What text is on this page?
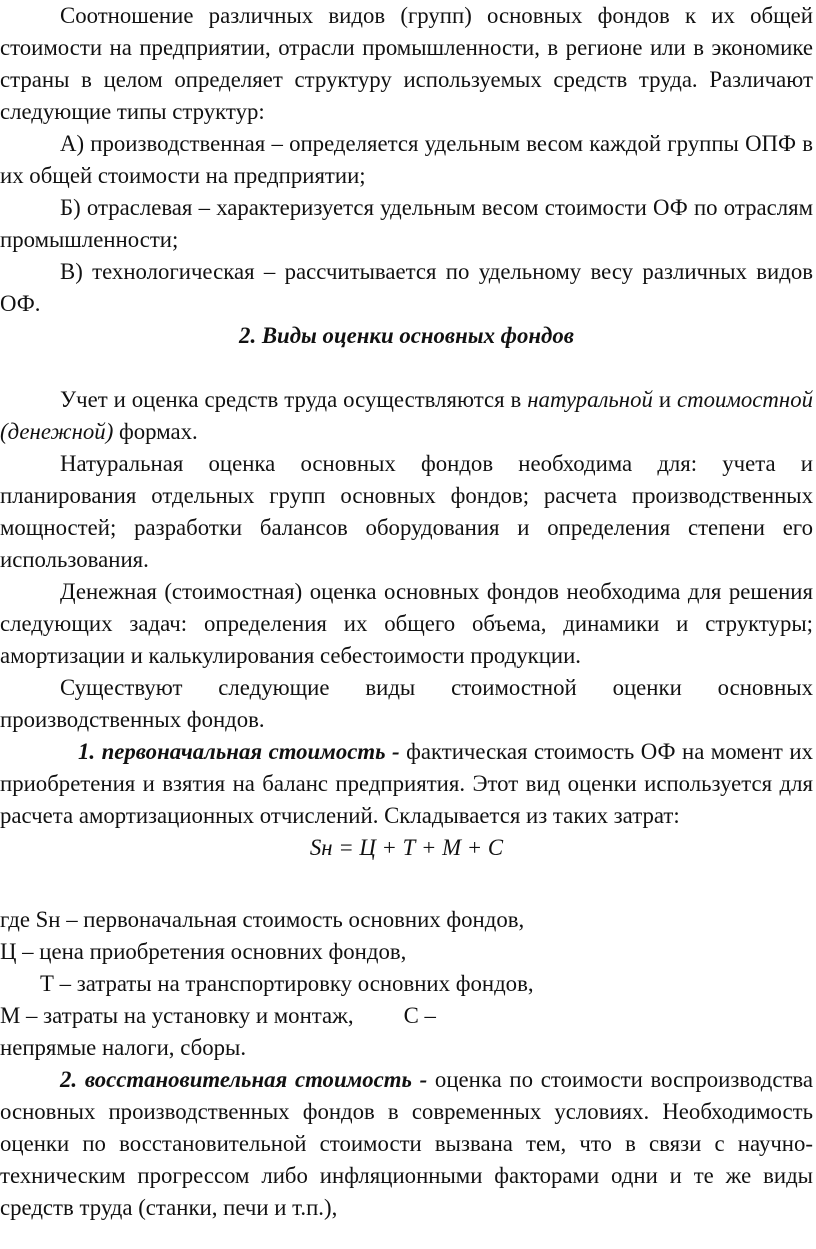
Соотношение различных видов (групп) основных фондов к их общей стоимости на предприятии, отрасли промышленности, в регионе или в экономике страны в целом определяет структуру используемых средств труда. Различают следующие типы структур:

А) производственная – определяется удельным весом каждой группы ОПФ в их общей стоимости на предприятии;

Б) отраслевая – характеризуется удельным весом стоимости ОФ по отраслям промышленности;

В) технологическая – рассчитывается по удельному весу различных видов ОФ.

2. Виды оценки основных фондов

Учет и оценка средств труда осуществляются в натуральной и стоимостной (денежной) формах.

Натуральная оценка основных фондов необходима для: учета и планирования отдельных групп основных фондов; расчета производственных мощностей; разработки балансов оборудования и определения степени его использования.

Денежная (стоимостная) оценка основных фондов необходима для решения следующих задач: определения их общего объема, динамики и структуры; амортизации и калькулирования себестоимости продукции.

Существуют следующие виды стоимостной оценки основных производственных фондов.

1. первоначальная стоимость - фактическая стоимость ОФ на момент их приобретения и взятия на баланс предприятия. Этот вид оценки используется для расчета амортизационных отчислений. Складывается из таких затрат:

Sн = Ц + Т + М + С

где Sн – первоначальная стоимость основних фондов,

Ц – цена приобретения основних фондов,

Т – затраты на транспортировку основних фондов,

М – затраты на установку и монтаж, С –

непрямые налоги, сборы.

2. восстановительная стоимость - оценка по стоимости воспроизводства основных производственных фондов в современных условиях. Необходимость оценки по восстановительной стоимости вызвана тем, что в связи с научно-техническим прогрессом либо инфляционными факторами одни и те же виды средств труда (станки, печи и т.п.),
